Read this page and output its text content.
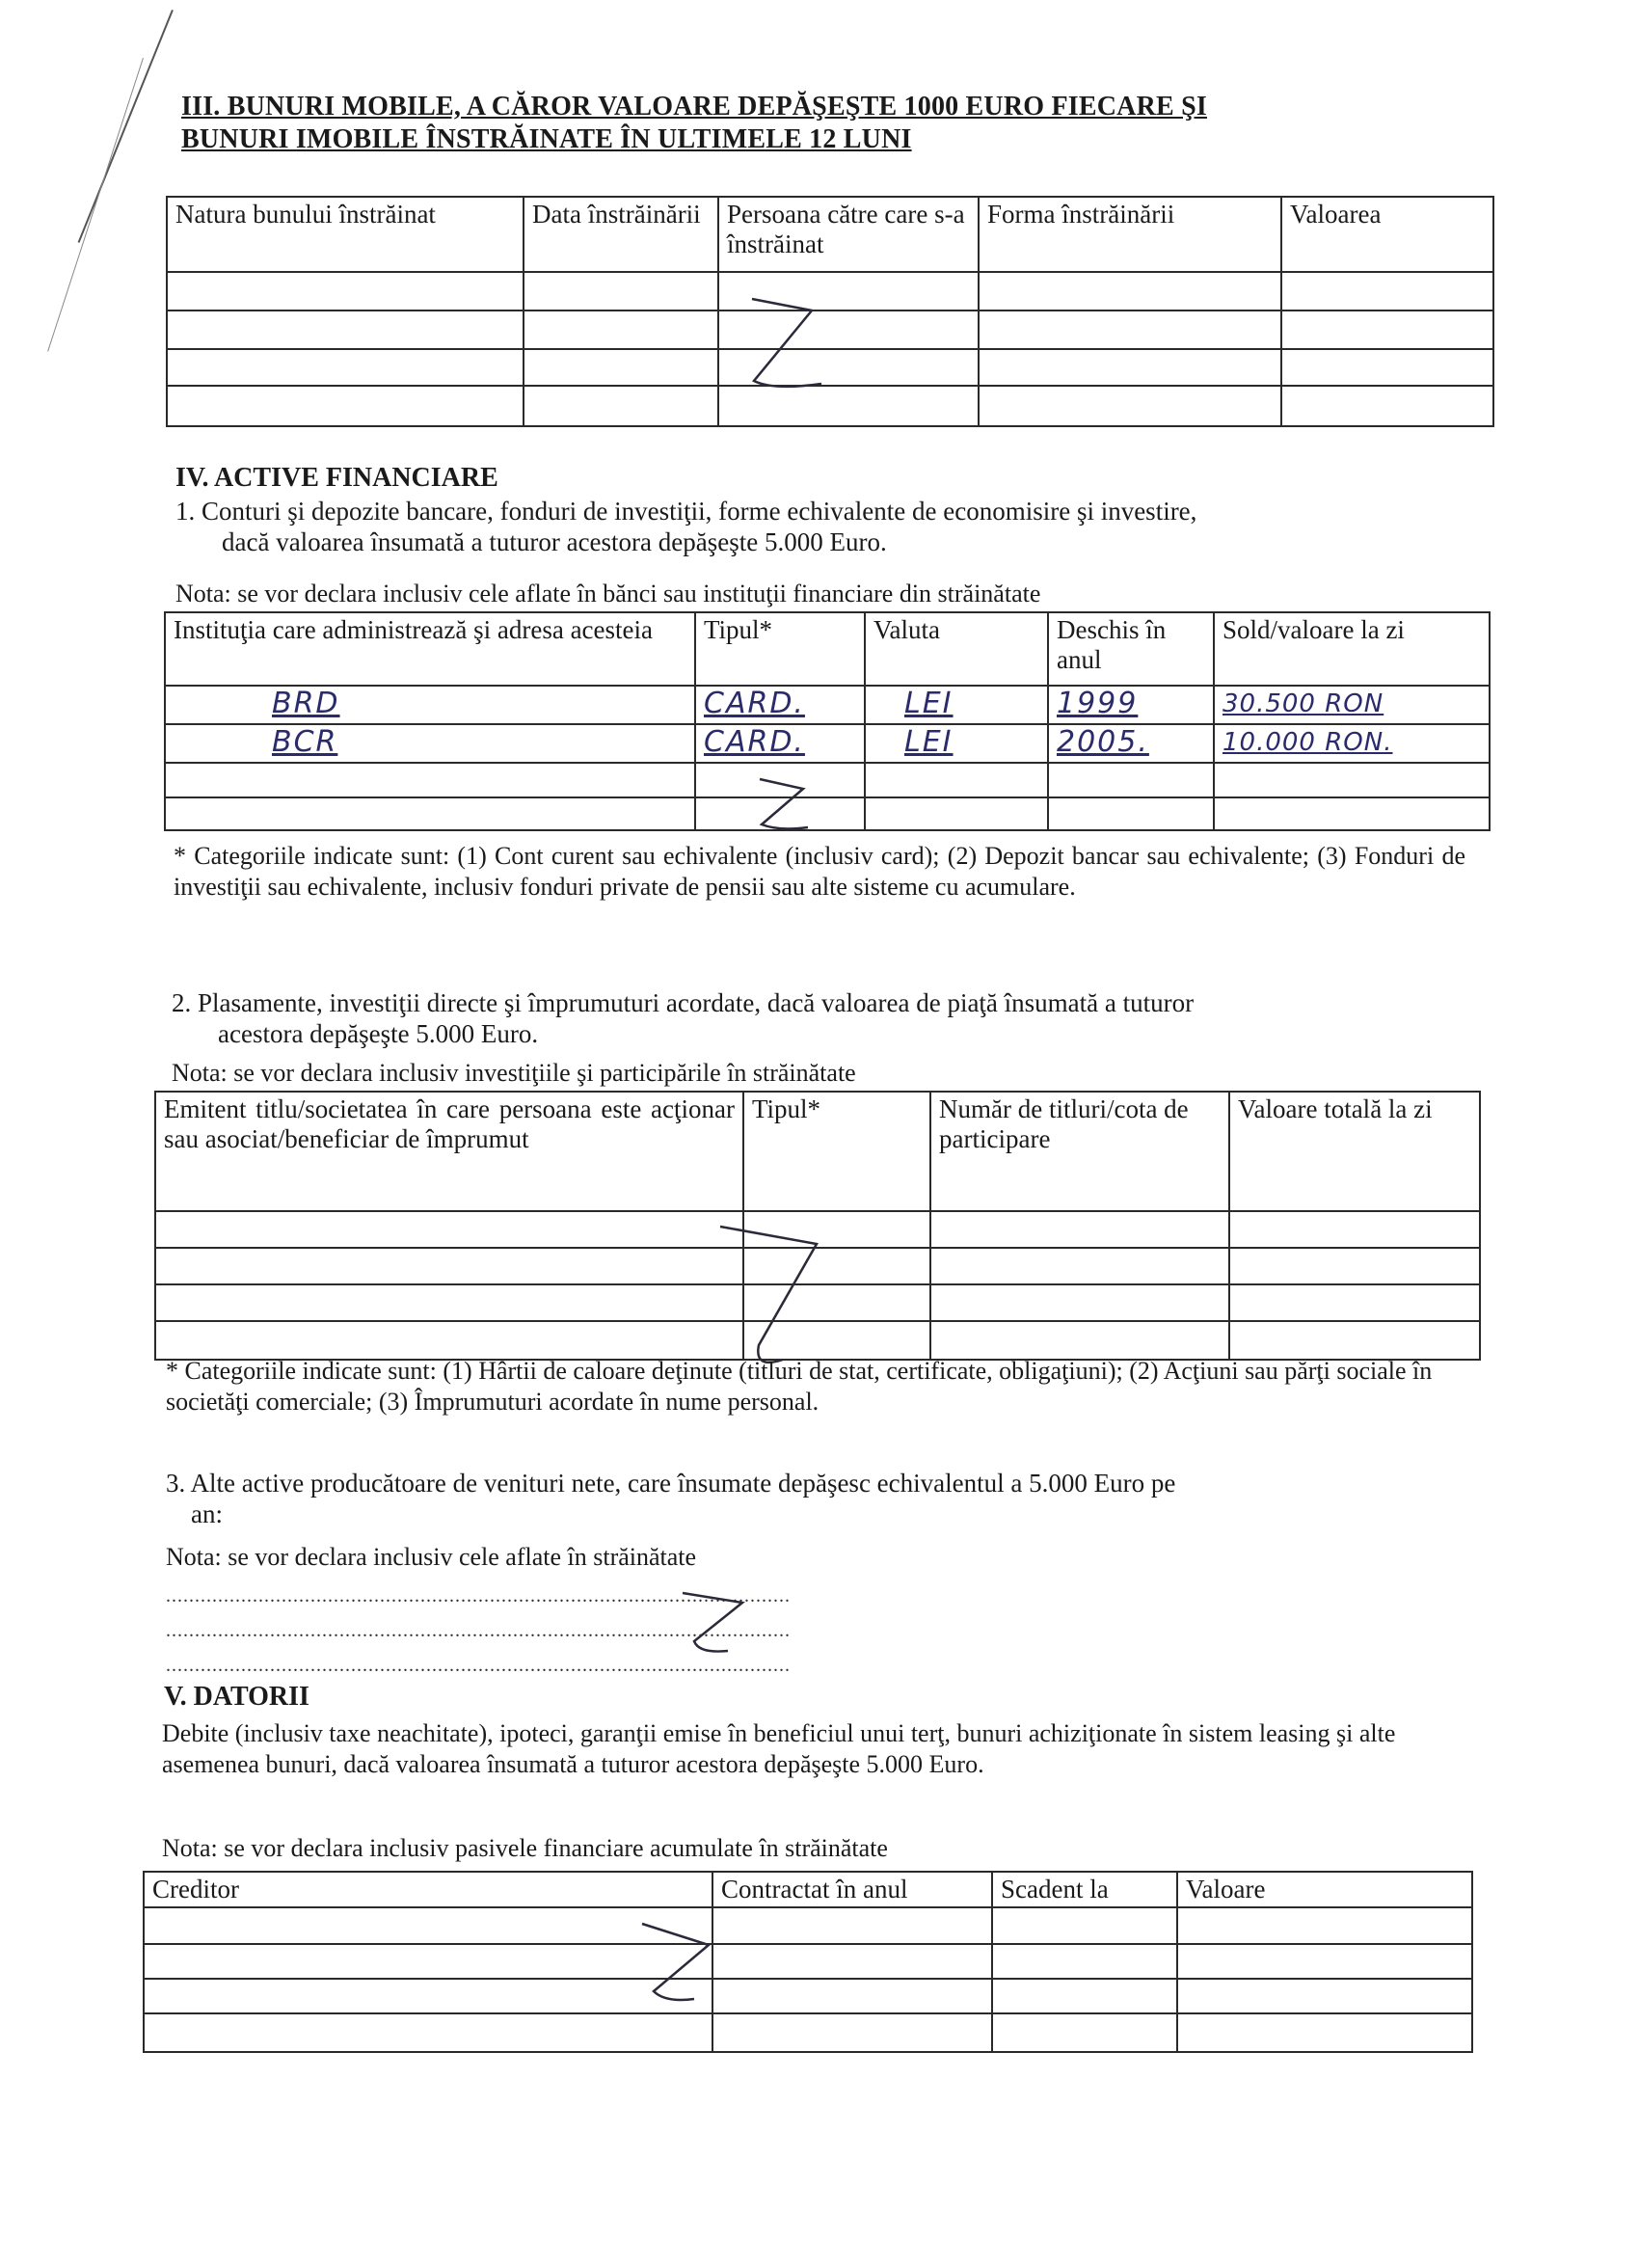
III. BUNURI MOBILE, A CĂROR VALOARE DEPĂŞEŞTE 1000 EURO FIECARE ŞI
BUNURI IMOBILE ÎNSTRĂINATE ÎN ULTIMELE 12 LUNI
Natura bunului înstrăinat	Data înstrăinării	Persoana către care s-a înstrăinat	Forma înstrăinării	Valoarea

IV. ACTIVE FINANCIARE
1. Conturi şi depozite bancare, fonduri de investiţii, forme echivalente de economisire şi investire,
dacă valoarea însumată a tuturor acestora depăşeşte 5.000 Euro.
Nota: se vor declara inclusiv cele aflate în bănci sau instituţii financiare din străinătate
Instituţia care administrează şi adresa acesteia	Tipul*	Valuta	Deschis în anul	Sold/valoare la zi
BRD	CARD.	LEI	1999	30.500 RON
BCR	CARD.	LEI	2005.	10.000 RON.

* Categoriile indicate sunt: (1) Cont curent sau echivalente (inclusiv card); (2) Depozit bancar sau echivalente; (3) Fonduri de investiţii sau echivalente, inclusiv fonduri private de pensii sau alte sisteme cu acumulare.
2. Plasamente, investiţii directe şi împrumuturi acordate, dacă valoarea de piaţă însumată a tuturor
acestora depăşeşte 5.000 Euro.
Nota: se vor declara inclusiv investiţiile şi participările în străinătate
Emitent titlu/societatea în care persoana este acţionar sau asociat/beneficiar de împrumut	Tipul*	Număr de titluri/cota de participare	Valoare totală la zi

* Categoriile indicate sunt: (1) Hârtii de caloare deţinute (titluri de stat, certificate, obligaţiuni); (2) Acţiuni sau părţi sociale în societăţi comerciale; (3) Împrumuturi acordate în nume personal.
3. Alte active producătoare de venituri nete, care însumate depăşesc echivalentul a 5.000 Euro pe
an:
Nota: se vor declara inclusiv cele aflate în străinătate
............................................................................................................
............................................................................................................
............................................................................................................
V. DATORII
Debite (inclusiv taxe neachitate), ipoteci, garanţii emise în beneficiul unui terţ, bunuri achiziţionate în sistem leasing şi alte asemenea bunuri, dacă valoarea însumată a tuturor acestora depăşeşte 5.000 Euro.
Nota: se vor declara inclusiv pasivele financiare acumulate în străinătate
Creditor	Contractat în anul	Scadent la	Valoare
